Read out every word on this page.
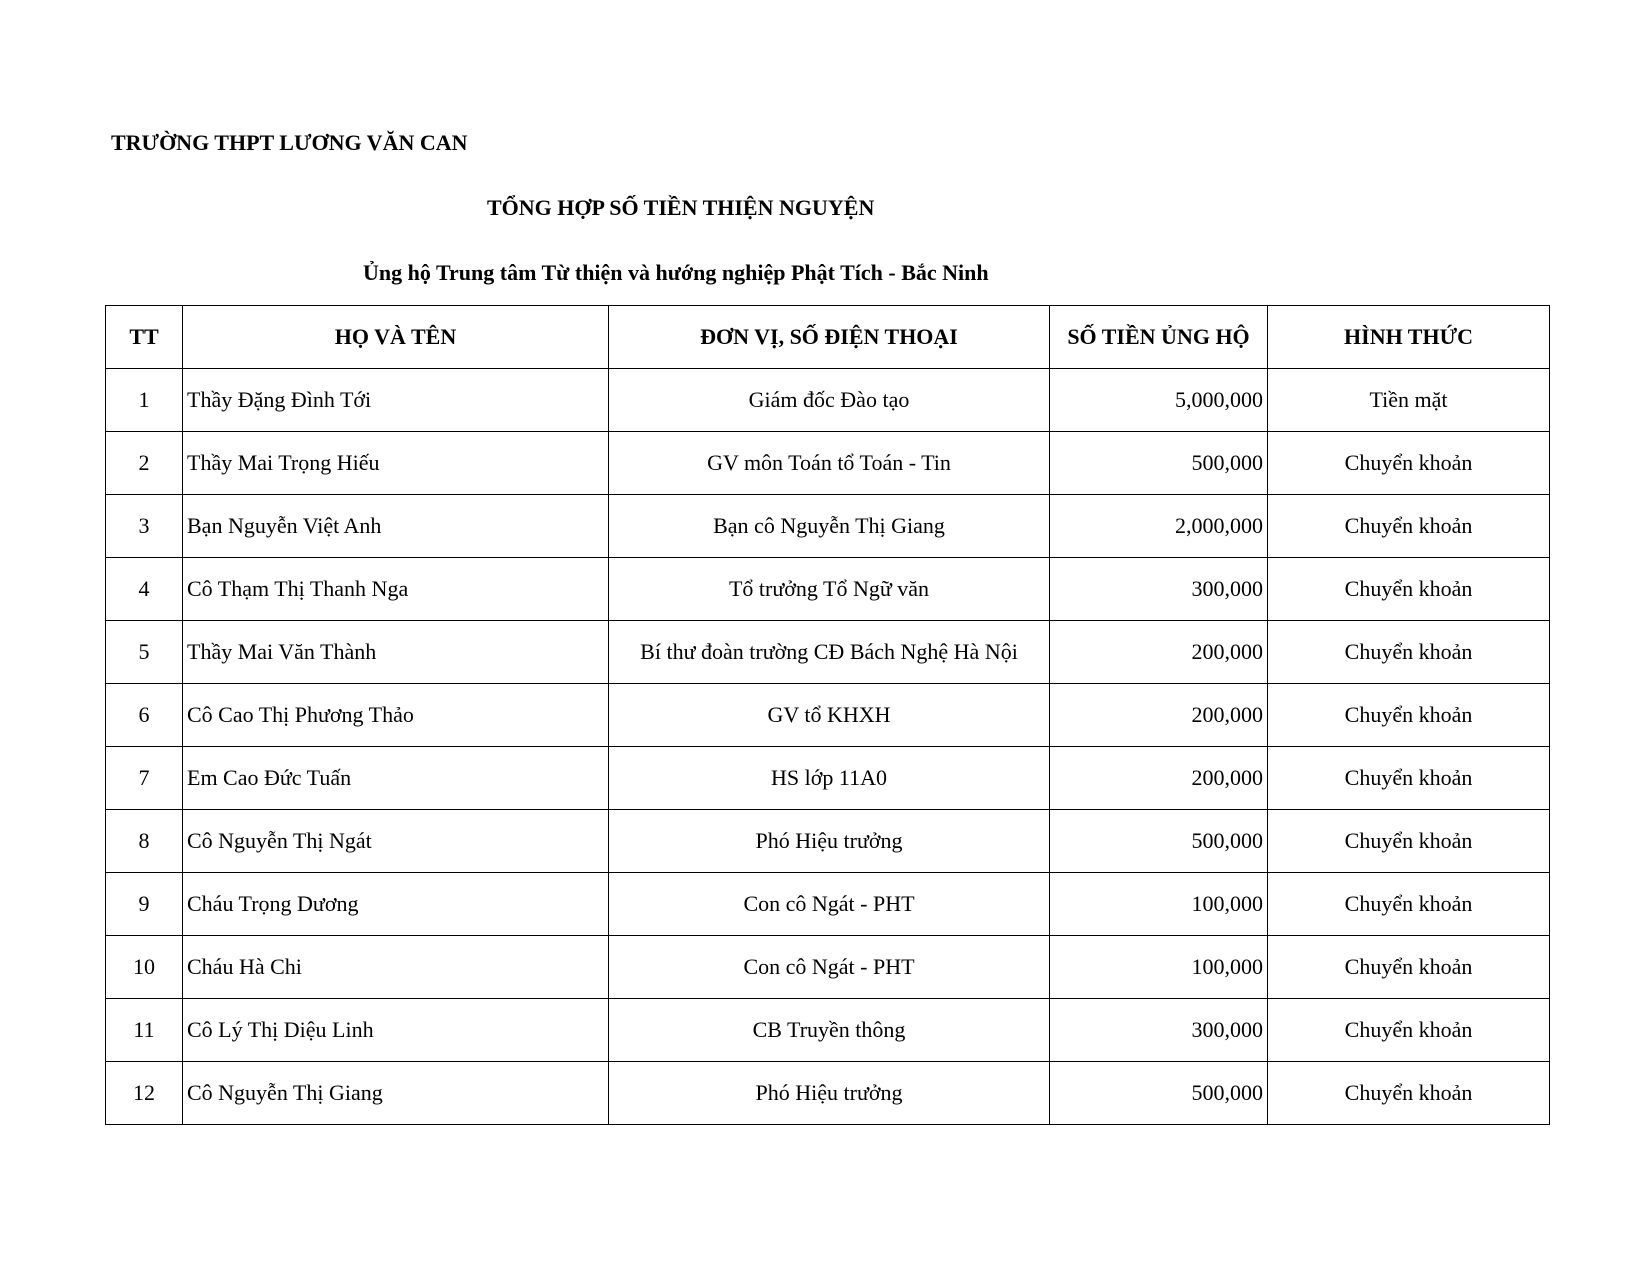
TRƯỜNG THPT LƯƠNG VĂN CAN
TỔNG HỢP SỐ TIỀN THIỆN NGUYỆN
Ủng hộ Trung tâm Từ thiện và hướng nghiệp Phật Tích - Bắc Ninh
TT	HỌ VÀ TÊN	ĐƠN VỊ, SỐ ĐIỆN THOẠI	SỐ TIỀN ỦNG HỘ	HÌNH THỨC
1	Thầy Đặng Đình Tới	Giám đốc Đào tạo	5,000,000	Tiền mặt
2	Thầy Mai Trọng Hiếu	GV môn Toán tổ Toán - Tin	500,000	Chuyển khoản
3	Bạn Nguyễn Việt Anh	Bạn cô Nguyễn Thị Giang	2,000,000	Chuyển khoản
4	Cô Thạm Thị Thanh Nga	Tổ trưởng Tổ Ngữ văn	300,000	Chuyển khoản
5	Thầy Mai Văn Thành	Bí thư đoàn trường CĐ Bách Nghệ Hà Nội	200,000	Chuyển khoản
6	Cô Cao Thị Phương Thảo	GV tổ KHXH	200,000	Chuyển khoản
7	Em Cao Đức Tuấn	HS lớp 11A0	200,000	Chuyển khoản
8	Cô Nguyễn Thị Ngát	Phó Hiệu trưởng	500,000	Chuyển khoản
9	Cháu Trọng Dương	Con cô Ngát - PHT	100,000	Chuyển khoản
10	Cháu Hà Chi	Con cô Ngát - PHT	100,000	Chuyển khoản
11	Cô Lý Thị Diệu Linh	CB Truyền thông	300,000	Chuyển khoản
12	Cô Nguyễn Thị Giang	Phó Hiệu trưởng	500,000	Chuyển khoản
